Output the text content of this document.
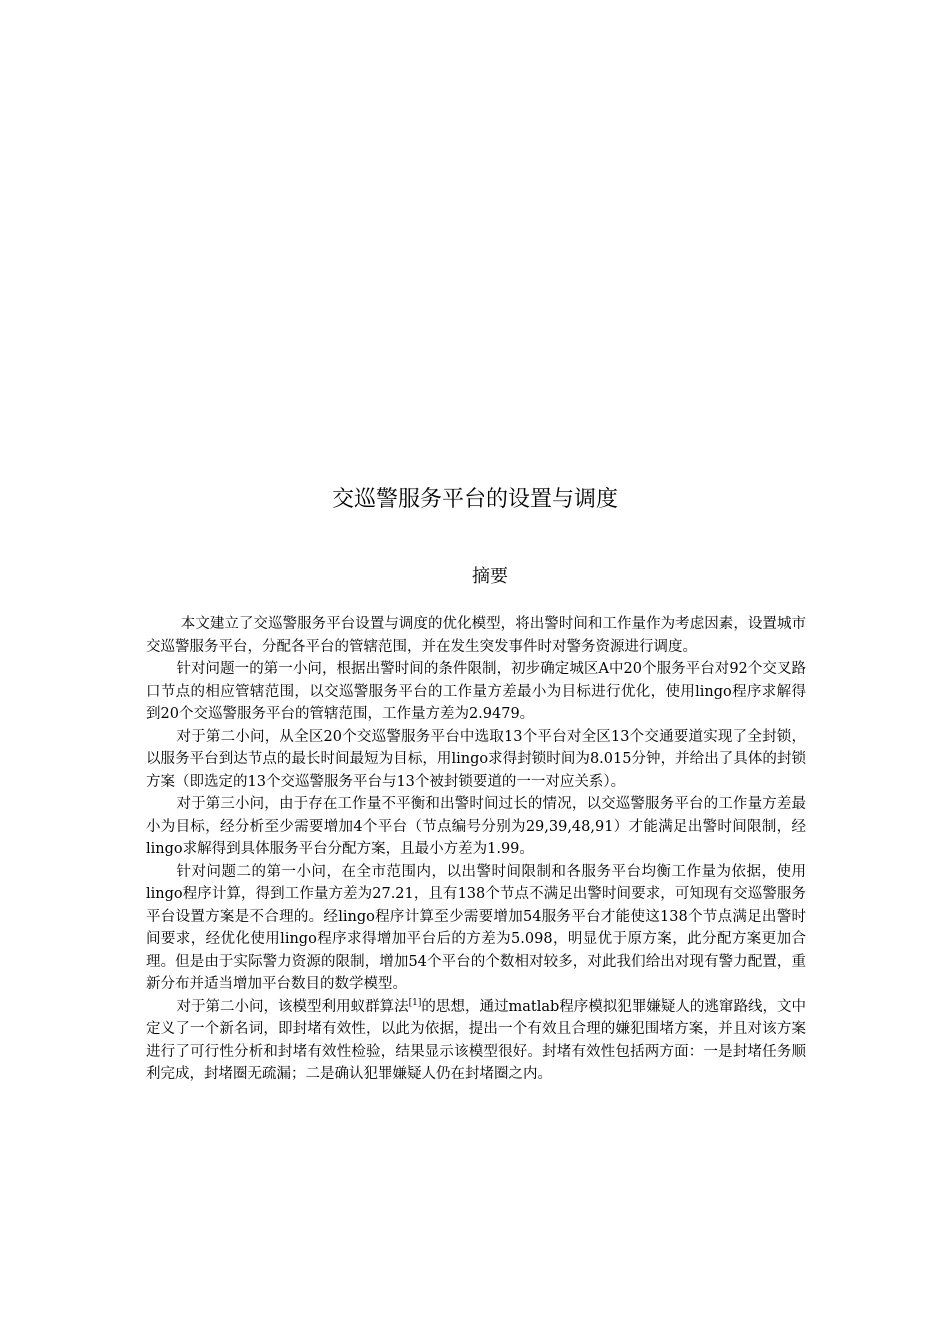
交巡警服务平台的设置与调度
摘要

本文建立了交巡警服务平台设置与调度的优化模型，将出警时间和工作量作为考虑因素，设置城市交巡警服务平台，分配各平台的管辖范围，并在发生突发事件时对警务资源进行调度。

针对问题一的第一小问，根据出警时间的条件限制，初步确定城区A中20个服务平台对92个交叉路口节点的相应管辖范围，以交巡警服务平台的工作量方差最小为目标进行优化，使用lingo程序求解得到20个交巡警服务平台的管辖范围，工作量方差为2.9479。

对于第二小问，从全区20个交巡警服务平台中选取13个平台对全区13个交通要道实现了全封锁，以服务平台到达节点的最长时间最短为目标，用lingo求得封锁时间为8.015分钟，并给出了具体的封锁方案（即选定的13个交巡警服务平台与13个被封锁要道的一一对应关系）。

对于第三小问，由于存在工作量不平衡和出警时间过长的情况，以交巡警服务平台的工作量方差最小为目标，经分析至少需要增加4个平台（节点编号分别为29,39,48,91）才能满足出警时间限制，经lingo求解得到具体服务平台分配方案，且最小方差为1.99。

针对问题二的第一小问，在全市范围内，以出警时间限制和各服务平台均衡工作量为依据，使用lingo程序计算，得到工作量方差为27.21，且有138个节点不满足出警时间要求，可知现有交巡警服务平台设置方案是不合理的。经lingo程序计算至少需要增加54服务平台才能使这138个节点满足出警时间要求，经优化使用lingo程序求得增加平台后的方差为5.098，明显优于原方案，此分配方案更加合理。但是由于实际警力资源的限制，增加54个平台的个数相对较多，对此我们给出对现有警力配置，重新分布并适当增加平台数目的数学模型。

对于第二小问，该模型利用蚁群算法[1]的思想，通过matlab程序模拟犯罪嫌疑人的逃窜路线，文中定义了一个新名词，即封堵有效性，以此为依据，提出一个有效且合理的嫌犯围堵方案，并且对该方案进行了可行性分析和封堵有效性检验，结果显示该模型很好。封堵有效性包括两方面：一是封堵任务顺利完成，封堵圈无疏漏；二是确认犯罪嫌疑人仍在封堵圈之内。
